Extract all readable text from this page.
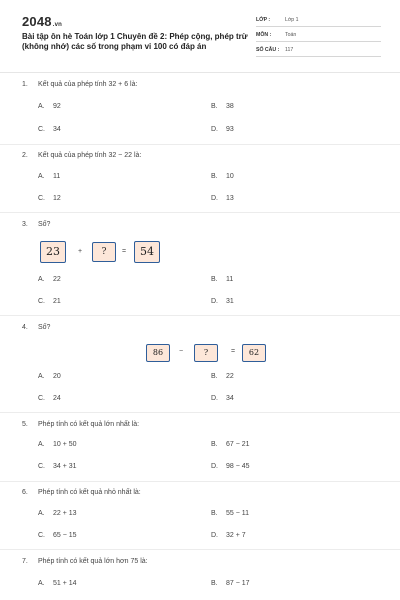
2048.vn
Bài tập ôn hè Toán lớp 1 Chuyên đề 2: Phép cộng, phép trừ (không nhớ) các số trong phạm vi 100 có đáp án
LỚP :	Lớp 1
MÔN :	Toán
SỐ CÂU : 117
1. Kết quả của phép tính 32 + 6 là:
A. 92	B. 38
C. 34	D. 93
2. Kết quả của phép tính 32 − 22 là:
A. 11	B. 10
C. 12	D. 13
3. Số?
23	+	?	=	54
A. 22	B. 11
C. 21	D. 31
4. Số?
86	−	?	=	62
A. 20	B. 22
C. 24	D. 34
5. Phép tính có kết quả lớn nhất là:
A. 10 + 50	B. 67 − 21
C. 34 + 31	D. 98 − 45
6. Phép tính có kết quả nhỏ nhất là:
A. 22 + 13	B. 55 − 11
C. 65 − 15	D. 32 + 7
7. Phép tính có kết quả lớn hơn 75 là:
A. 51 + 14	B. 87 − 17
